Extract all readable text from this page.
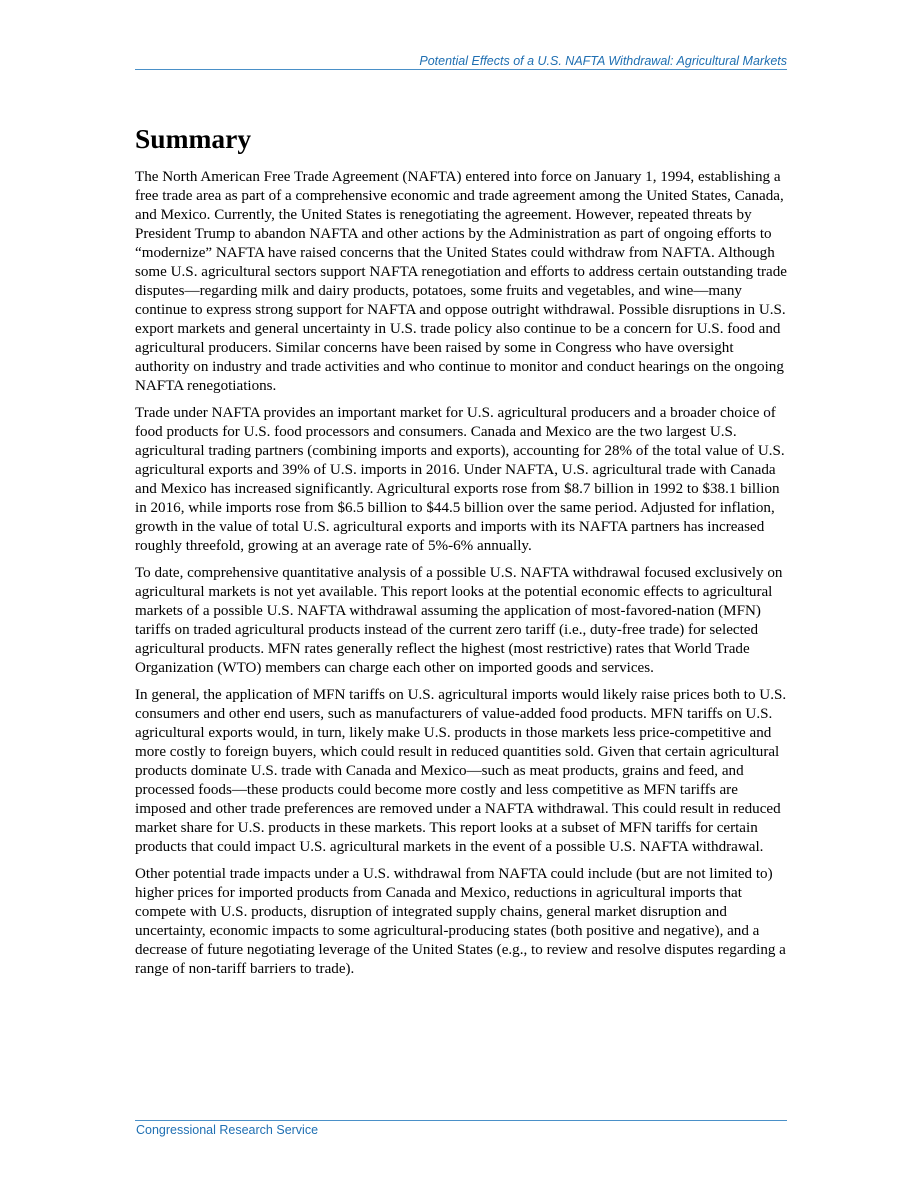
Potential Effects of a U.S. NAFTA Withdrawal: Agricultural Markets
Summary

The North American Free Trade Agreement (NAFTA) entered into force on January 1, 1994, establishing a free trade area as part of a comprehensive economic and trade agreement among the United States, Canada, and Mexico. Currently, the United States is renegotiating the agreement. However, repeated threats by President Trump to abandon NAFTA and other actions by the Administration as part of ongoing efforts to “modernize” NAFTA have raised concerns that the United States could withdraw from NAFTA. Although some U.S. agricultural sectors support NAFTA renegotiation and efforts to address certain outstanding trade disputes—regarding milk and dairy products, potatoes, some fruits and vegetables, and wine—many continue to express strong support for NAFTA and oppose outright withdrawal. Possible disruptions in U.S. export markets and general uncertainty in U.S. trade policy also continue to be a concern for U.S. food and agricultural producers. Similar concerns have been raised by some in Congress who have oversight authority on industry and trade activities and who continue to monitor and conduct hearings on the ongoing NAFTA renegotiations.

Trade under NAFTA provides an important market for U.S. agricultural producers and a broader choice of food products for U.S. food processors and consumers. Canada and Mexico are the two largest U.S. agricultural trading partners (combining imports and exports), accounting for 28% of the total value of U.S. agricultural exports and 39% of U.S. imports in 2016. Under NAFTA, U.S. agricultural trade with Canada and Mexico has increased significantly. Agricultural exports rose from $8.7 billion in 1992 to $38.1 billion in 2016, while imports rose from $6.5 billion to $44.5 billion over the same period. Adjusted for inflation, growth in the value of total U.S. agricultural exports and imports with its NAFTA partners has increased roughly threefold, growing at an average rate of 5%-6% annually.

To date, comprehensive quantitative analysis of a possible U.S. NAFTA withdrawal focused exclusively on agricultural markets is not yet available. This report looks at the potential economic effects to agricultural markets of a possible U.S. NAFTA withdrawal assuming the application of most-favored-nation (MFN) tariffs on traded agricultural products instead of the current zero tariff (i.e., duty-free trade) for selected agricultural products. MFN rates generally reflect the highest (most restrictive) rates that World Trade Organization (WTO) members can charge each other on imported goods and services.

In general, the application of MFN tariffs on U.S. agricultural imports would likely raise prices both to U.S. consumers and other end users, such as manufacturers of value-added food products. MFN tariffs on U.S. agricultural exports would, in turn, likely make U.S. products in those markets less price-competitive and more costly to foreign buyers, which could result in reduced quantities sold. Given that certain agricultural products dominate U.S. trade with Canada and Mexico—such as meat products, grains and feed, and processed foods—these products could become more costly and less competitive as MFN tariffs are imposed and other trade preferences are removed under a NAFTA withdrawal. This could result in reduced market share for U.S. products in these markets. This report looks at a subset of MFN tariffs for certain products that could impact U.S. agricultural markets in the event of a possible U.S. NAFTA withdrawal.

Other potential trade impacts under a U.S. withdrawal from NAFTA could include (but are not limited to) higher prices for imported products from Canada and Mexico, reductions in agricultural imports that compete with U.S. products, disruption of integrated supply chains, general market disruption and uncertainty, economic impacts to some agricultural-producing states (both positive and negative), and a decrease of future negotiating leverage of the United States (e.g., to review and resolve disputes regarding a range of non-tariff barriers to trade).

Congressional Research Service
